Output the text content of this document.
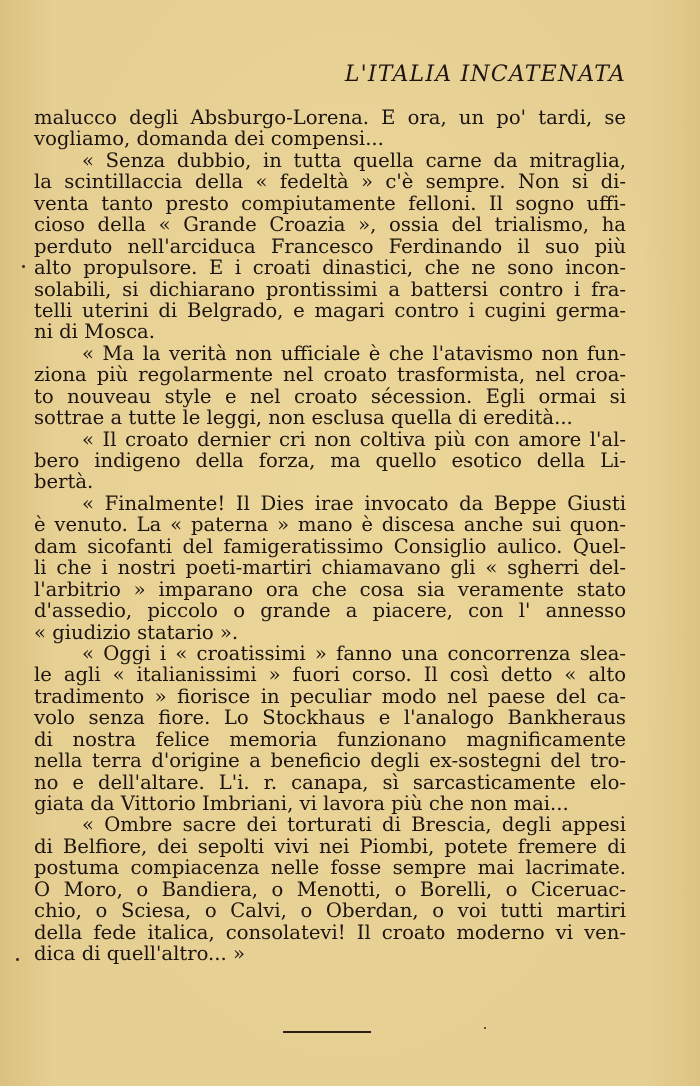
L'ITALIA INCATENATA
malucco degli Absburgo-Lorena. E ora, un po' tardi, se
vogliamo, domanda dei compensi...
« Senza dubbio, in tutta quella carne da mitraglia,
la scintillaccia della « fedeltà » c'è sempre. Non si di-
venta tanto presto compiutamente felloni. Il sogno uffi-
cioso della « Grande Croazia », ossia del trialismo, ha
perduto nell'arciduca Francesco Ferdinando il suo più
alto propulsore. E i croati dinastici, che ne sono incon-
solabili, si dichiarano prontissimi a battersi contro i fra-
telli uterini di Belgrado, e magari contro i cugini germa-
ni di Mosca.
« Ma la verità non ufficiale è che l'atavismo non fun-
ziona più regolarmente nel croato trasformista, nel croa-
to nouveau style e nel croato sécession. Egli ormai si
sottrae a tutte le leggi, non esclusa quella di eredità...
« Il croato dernier cri non coltiva più con amore l'al-
bero indigeno della forza, ma quello esotico della Li-
bertà.
« Finalmente! Il Dies irae invocato da Beppe Giusti
è venuto. La « paterna » mano è discesa anche sui quon-
dam sicofanti del famigeratissimo Consiglio aulico. Quel-
li che i nostri poeti-martiri chiamavano gli « sgherri del-
l'arbitrio » imparano ora che cosa sia veramente stato
d'assedio, piccolo o grande a piacere, con l' annesso
« giudizio statario ».
« Oggi i « croatissimi » fanno una concorrenza slea-
le agli « italianissimi » fuori corso. Il così detto « alto
tradimento » fiorisce in peculiar modo nel paese del ca-
volo senza fiore. Lo Stockhaus e l'analogo Bankheraus
di nostra felice memoria funzionano magnificamente
nella terra d'origine a beneficio degli ex-sostegni del tro-
no e dell'altare. L'i. r. canapa, sì sarcasticamente elo-
giata da Vittorio Imbriani, vi lavora più che non mai...
« Ombre sacre dei torturati di Brescia, degli appesi
di Belfiore, dei sepolti vivi nei Piombi, potete fremere di
postuma compiacenza nelle fosse sempre mai lacrimate.
O Moro, o Bandiera, o Menotti, o Borelli, o Ciceruac-
chio, o Sciesa, o Calvi, o Oberdan, o voi tutti martiri
della fede italica, consolatevi! Il croato moderno vi ven-
dica di quell'altro... »
